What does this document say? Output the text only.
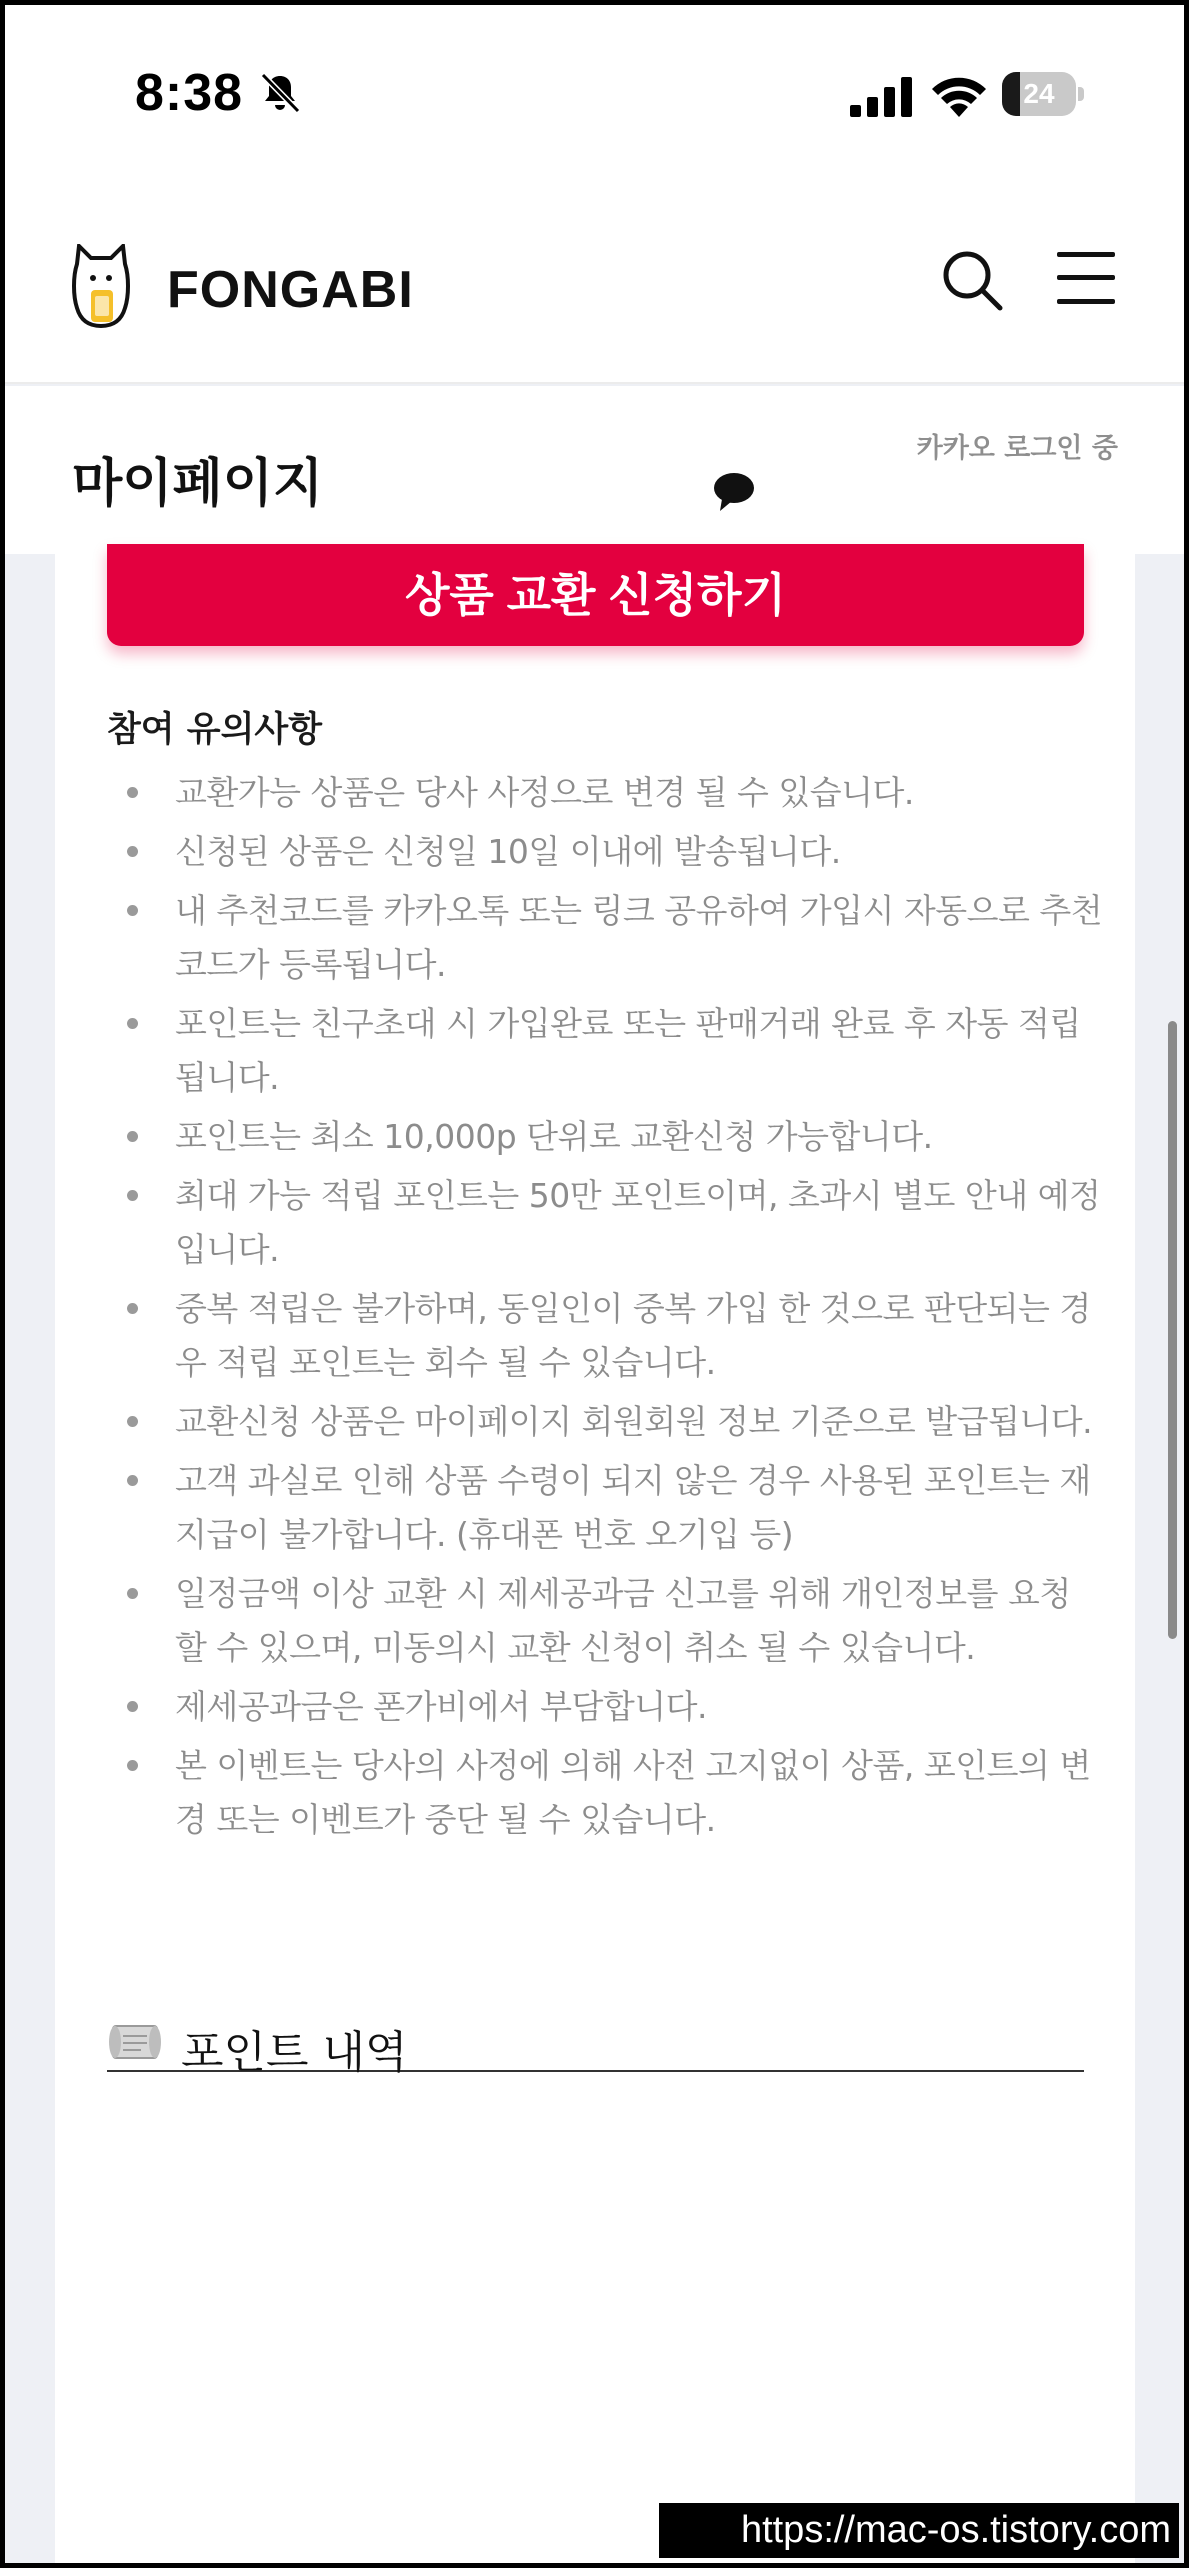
8:38	24
FONGABI
마이페이지
카카오 로그인 중
상품 교환 신청하기
참여 유의사항
교환가능 상품은 당사 사정으로 변경 될 수 있습니다.
신청된 상품은 신청일 10일 이내에 발송됩니다.
내 추천코드를 카카오톡 또는 링크 공유하여 가입시 자동으로 추천코드가 등록됩니다.
포인트는 친구초대 시 가입완료 또는 판매거래 완료 후 자동 적립됩니다.
포인트는 최소 10,000p 단위로 교환신청 가능합니다.
최대 가능 적립 포인트는 50만 포인트이며, 초과시 별도 안내 예정입니다.
중복 적립은 불가하며, 동일인이 중복 가입 한 것으로 판단되는 경우 적립 포인트는 회수 될 수 있습니다.
교환신청 상품은 마이페이지 회원회원 정보 기준으로 발급됩니다.
고객 과실로 인해 상품 수령이 되지 않은 경우 사용된 포인트는 재지급이 불가합니다. (휴대폰 번호 오기입 등)
일정금액 이상 교환 시 제세공과금 신고를 위해 개인정보를 요청 할 수 있으며, 미동의시 교환 신청이 취소 될 수 있습니다.
제세공과금은 폰가비에서 부담합니다.
본 이벤트는 당사의 사정에 의해 사전 고지없이 상품, 포인트의 변경 또는 이벤트가 중단 될 수 있습니다.
포인트 내역
https://mac-os.tistory.com
